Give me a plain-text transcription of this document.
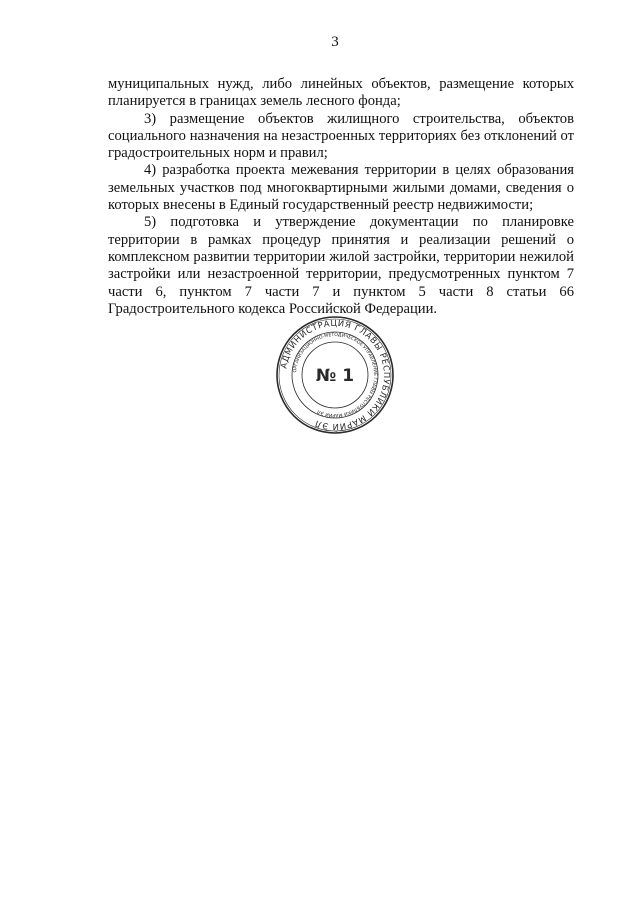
3

муниципальных нужд, либо линейных объектов, размещение которых планируется в границах земель лесного фонда;

3) размещение объектов жилищного строительства, объектов социального назначения на незастроенных территориях без отклонений от градостроительных норм и правил;

4) разработка проекта межевания территории в целях образования земельных участков под многоквартирными жилыми домами, сведения о которых внесены в Единый государственный реестр недвижимости;

5) подготовка и утверждение документации по планировке территории в рамках процедур принятия и реализации решений о комплексном развитии территории жилой застройки, территории нежилой застройки или незастроенной территории, предусмотренных пунктом 7 части 6, пунктом 7 части 7 и пунктом 5 части 8 статьи 66 Градостроительного кодекса Российской Федерации.

АДМИНИСТРАЦИЯ ГЛАВЫ РЕСПУБЛИКИ МАРИЙ ЭЛ
ОРГАНИЗАЦИОННО-МЕТОДИЧЕСКОЕ УПРАВЛЕНИЕ ГЛАВЫ РЕСПУБЛИКИ МАРИЙ ЭЛ
№ 1
